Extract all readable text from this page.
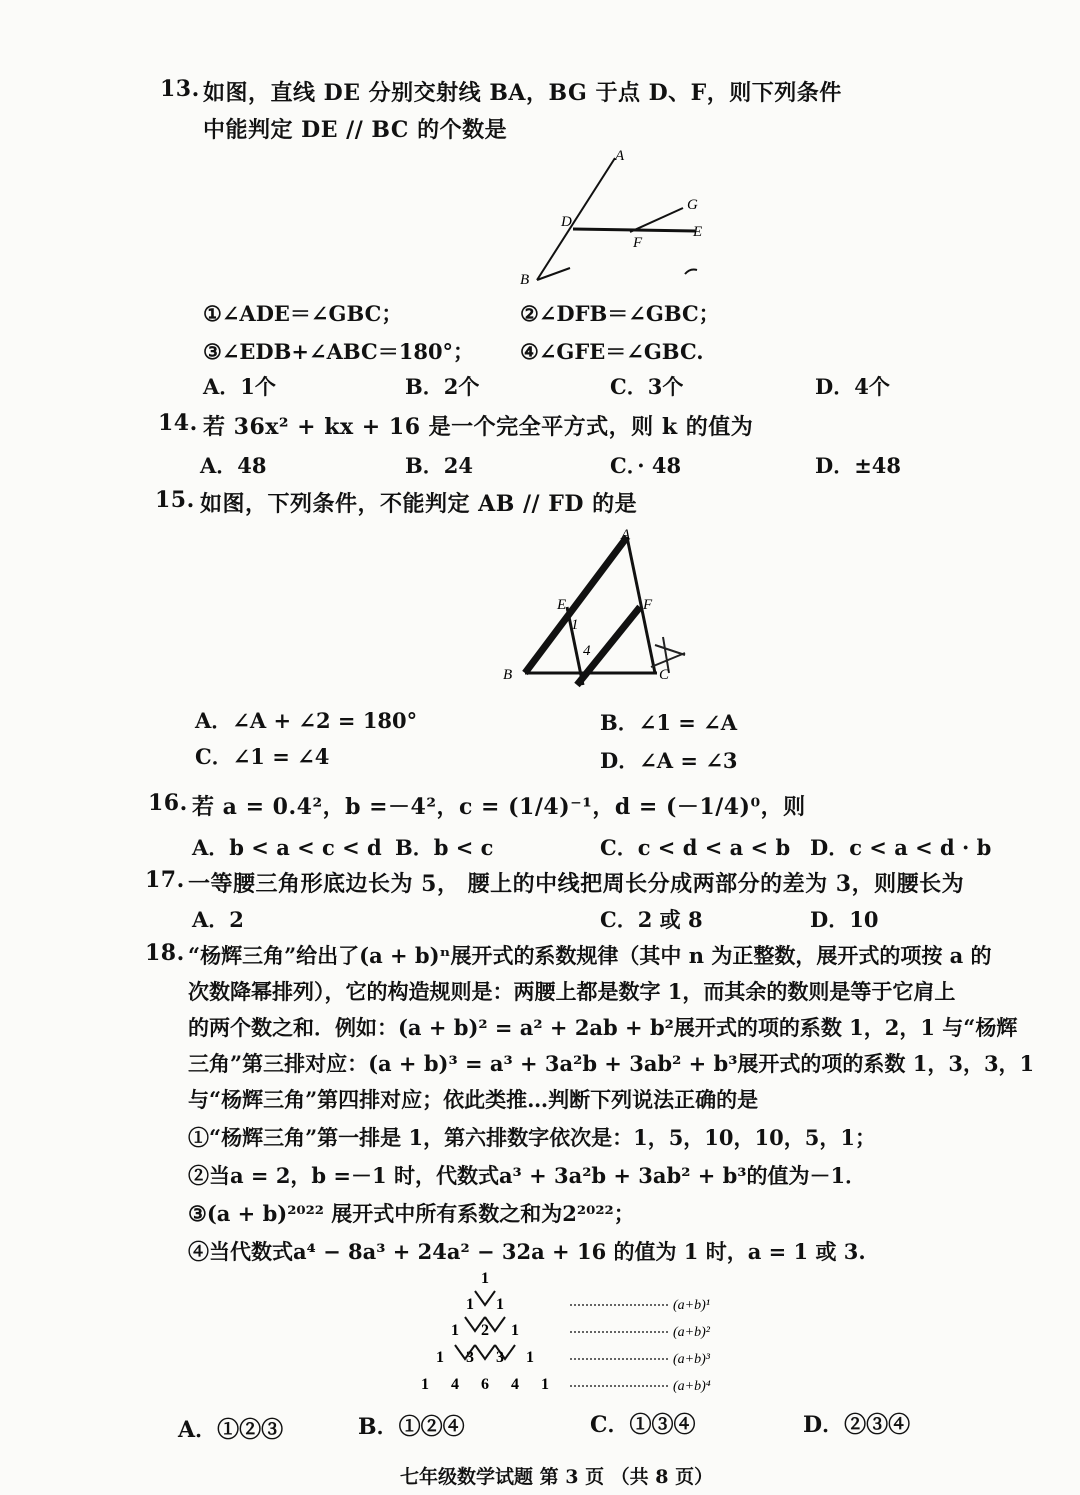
13. 如图，直线 DE 分别交射线 BA，BG 于点 D、F，则下列条件
中能判定 DE // BC 的个数是
A
D
G
E
F
B
①∠ADE＝∠GBC；	②∠DFB＝∠GBC；
③∠EDB+∠ABC＝180°； ④∠GFE＝∠GBC.
A．1个	B．2个	C．3个	D．4个
14. 若 36x² + kx + 16 是一个完全平方式，则 k 的值为
A．48	B．24	C．· 48	D．±48
15. 如图，下列条件，不能判定 AB // FD 的是
A
E	F
B	C
1
4
A．∠A + ∠2 = 180°	B．∠1 = ∠A
C．∠1 = ∠4	D．∠A = ∠3
16. 若 a = 0.4²，b =－4²，c = (1/4)⁻¹，d = (－1/4)⁰，则
A．b < a < c < d B．b < c	C．c < d < a < b D．c < a < d · b
17. 一等腰三角形底边长为 5， 腰上的中线把周长分成两部分的差为 3，则腰长为
A．2	C．2 或 8	D．10
18. “杨辉三角”给出了(a + b)ⁿ展开式的系数规律（其中 n 为正整数，展开式的项按 a 的
次数降幂排列），它的构造规则是：两腰上都是数字 1，而其余的数则是等于它肩上
的两个数之和．例如：(a + b)² = a² + 2ab + b²展开式的项的系数 1，2，1 与“杨辉
三角”第三排对应：(a + b)³ = a³ + 3a²b + 3ab² + b³展开式的项的系数 1，3，3，1
与“杨辉三角”第四排对应；依此类推…判断下列说法正确的是
①“杨辉三角”第一排是 1，第六排数字依次是：1，5，10，10，5，1；
②当a = 2，b =－1 时，代数式a³ + 3a²b + 3ab² + b³的值为－1．
③(a + b)²⁰²² 展开式中所有系数之和为2²⁰²²；
④当代数式a⁴ − 8a³ + 24a² − 32a + 16 的值为 1 时，a = 1 或 3.
1
1 1
1 2 1
1 3 3 1
1 4 6 4 1
(a+b)¹
(a+b)²
(a+b)³
(a+b)⁴
A．①②③	B．①②④	C．①③④	D．②③④
七年级数学试题 第 3 页 （共 8 页）
